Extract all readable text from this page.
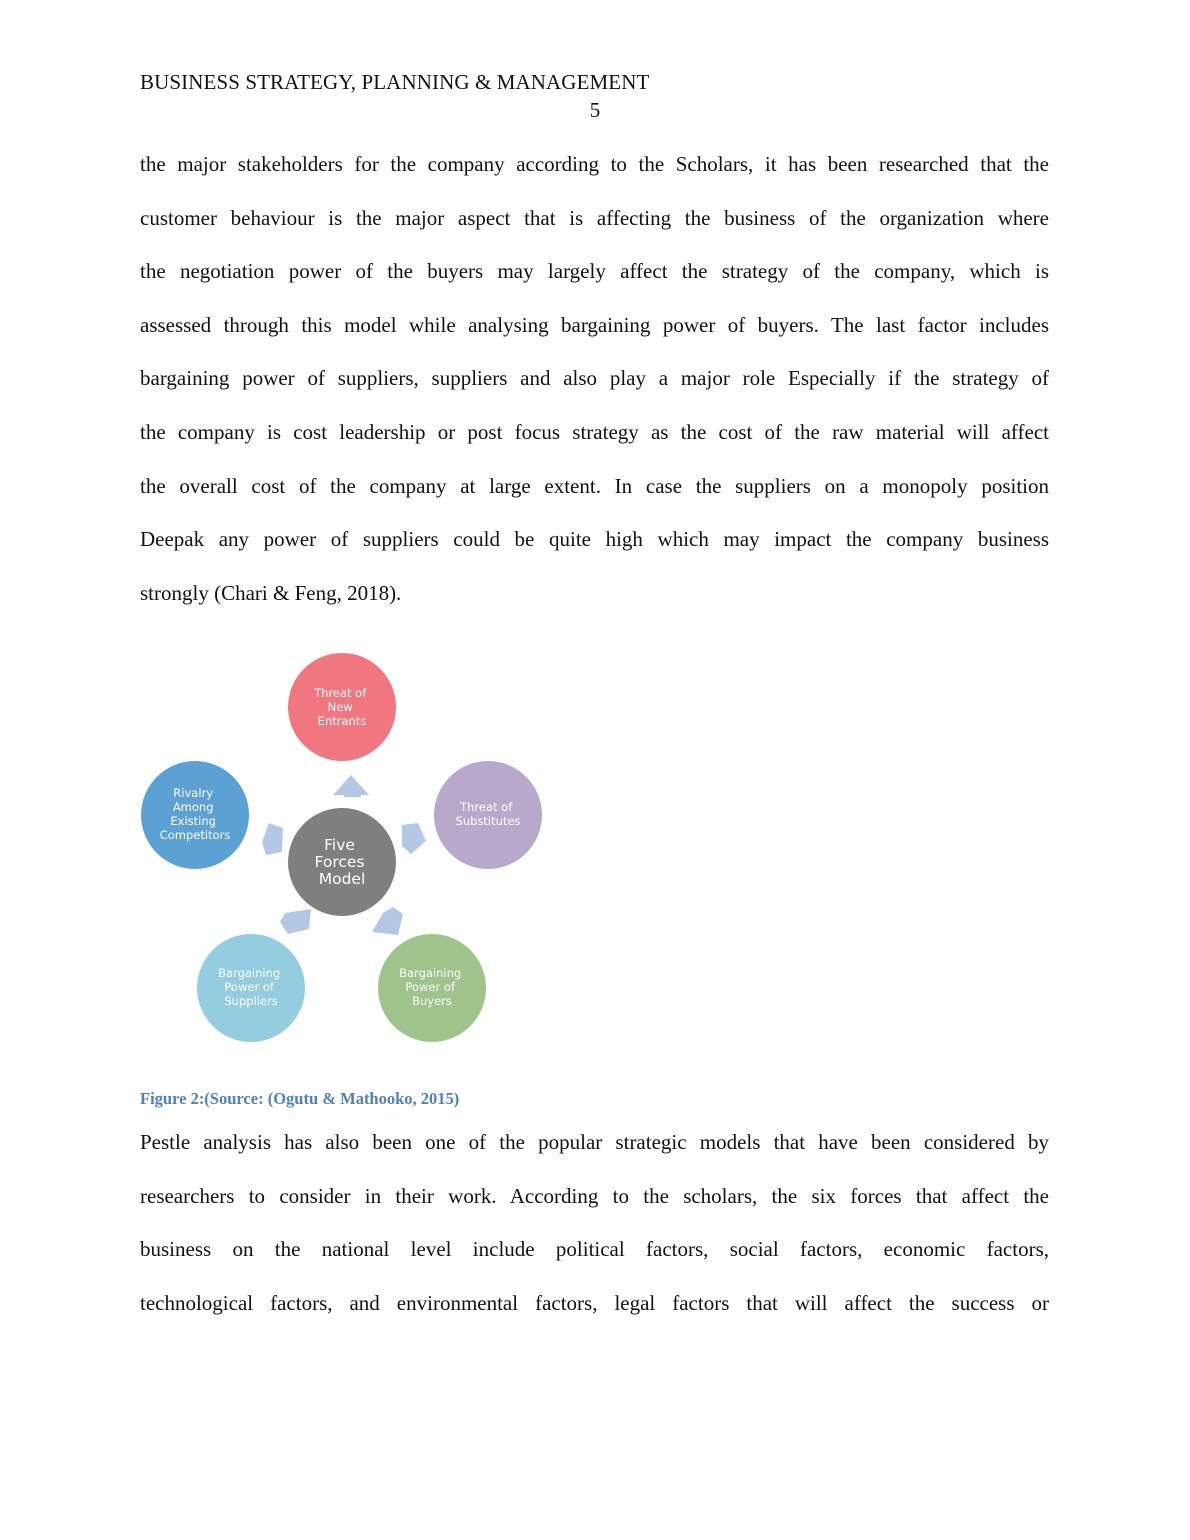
BUSINESS STRATEGY, PLANNING & MANAGEMENT
5
the major stakeholders for the company according to the Scholars, it has been researched that the
customer behaviour is the major aspect that is affecting the business of the organization where
the negotiation power of the buyers may largely affect the strategy of the company, which is
assessed through this model while analysing bargaining power of buyers. The last factor includes
bargaining power of suppliers, suppliers and also play a major role Especially if the strategy of
the company is cost leadership or post focus strategy as the cost of the raw material will affect
the overall cost of the company at large extent. In case the suppliers on a monopoly position
Deepak any power of suppliers could be quite high which may impact the company business
strongly (Chari & Feng, 2018).
Five Forces Model
Threat of New Entrants
Threat of Substitutes
Bargaining Power of Buyers
Bargaining Power of Suppliers
Rivalry Among Existing Competitors
Figure 2:(Source: (Ogutu & Mathooko, 2015)
Pestle analysis has also been one of the popular strategic models that have been considered by
researchers to consider in their work. According to the scholars, the six forces that affect the
business on the national level include political factors, social factors, economic factors,
technological factors, and environmental factors, legal factors that will affect the success or
